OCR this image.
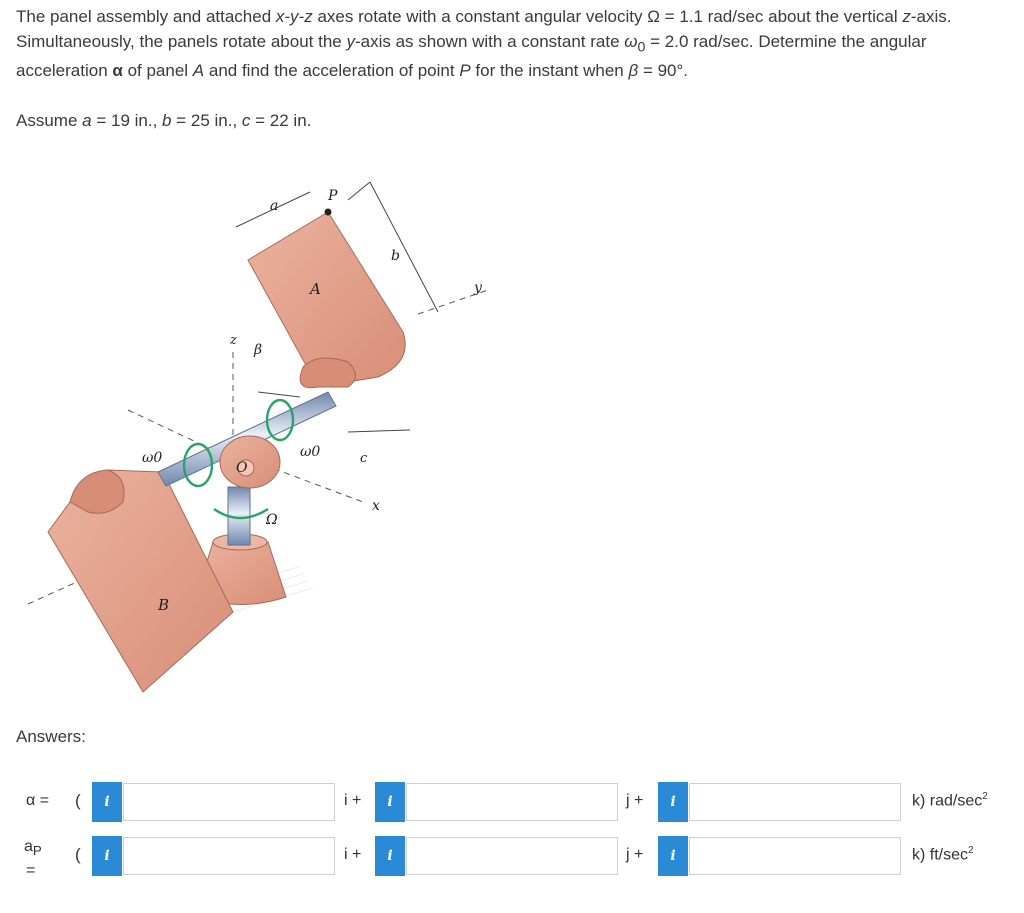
The panel assembly and attached x-y-z axes rotate with a constant angular velocity Ω = 1.1 rad/sec about the vertical z-axis. Simultaneously, the panels rotate about the y-axis as shown with a constant rate $\omega_0 = 2.0$ rad/sec. Determine the angular acceleration α of panel A and find the acceleration of point P for the instant when β = 90°.
Assume a = 19 in., b = 25 in., c = 22 in.
a
P
b
A	y
z
β
ω0	ω0	c
O
x
Ω
B
Answers:
α = (	i	i +	i	j +	i	k) rad/$\sec^2$
$a_P$
=
(	i	i +	i	j +	i	k) $ft/\sec^2$
